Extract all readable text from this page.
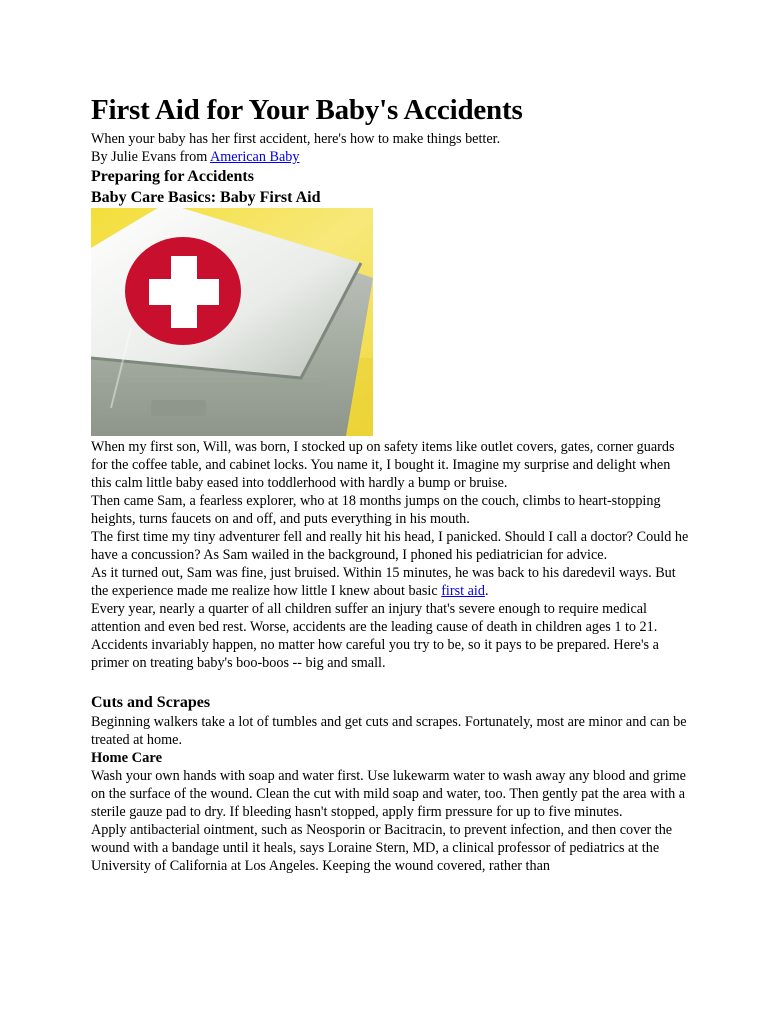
First Aid for Your Baby's Accidents

When your baby has her first accident, here's how to make things better.

By Julie Evans from American Baby

Preparing for Accidents
Baby Care Basics: Baby First Aid

When my first son, Will, was born, I stocked up on safety items like outlet covers, gates, corner guards for the coffee table, and cabinet locks. You name it, I bought it. Imagine my surprise and delight when this calm little baby eased into toddlerhood with hardly a bump or bruise.

Then came Sam, a fearless explorer, who at 18 months jumps on the couch, climbs to heart-stopping heights, turns faucets on and off, and puts everything in his mouth.

The first time my tiny adventurer fell and really hit his head, I panicked. Should I call a doctor? Could he have a concussion? As Sam wailed in the background, I phoned his pediatrician for advice.

As it turned out, Sam was fine, just bruised. Within 15 minutes, he was back to his daredevil ways. But the experience made me realize how little I knew about basic first aid.

Every year, nearly a quarter of all children suffer an injury that's severe enough to require medical attention and even bed rest. Worse, accidents are the leading cause of death in children ages 1 to 21.

Accidents invariably happen, no matter how careful you try to be, so it pays to be prepared. Here's a primer on treating baby's boo-boos -- big and small.

Cuts and Scrapes

Beginning walkers take a lot of tumbles and get cuts and scrapes. Fortunately, most are minor and can be treated at home.

Home Care

Wash your own hands with soap and water first. Use lukewarm water to wash away any blood and grime on the surface of the wound. Clean the cut with mild soap and water, too. Then gently pat the area with a sterile gauze pad to dry. If bleeding hasn't stopped, apply firm pressure for up to five minutes.

Apply antibacterial ointment, such as Neosporin or Bacitracin, to prevent infection, and then cover the wound with a bandage until it heals, says Loraine Stern, MD, a clinical professor of pediatrics at the University of California at Los Angeles. Keeping the wound covered, rather than
